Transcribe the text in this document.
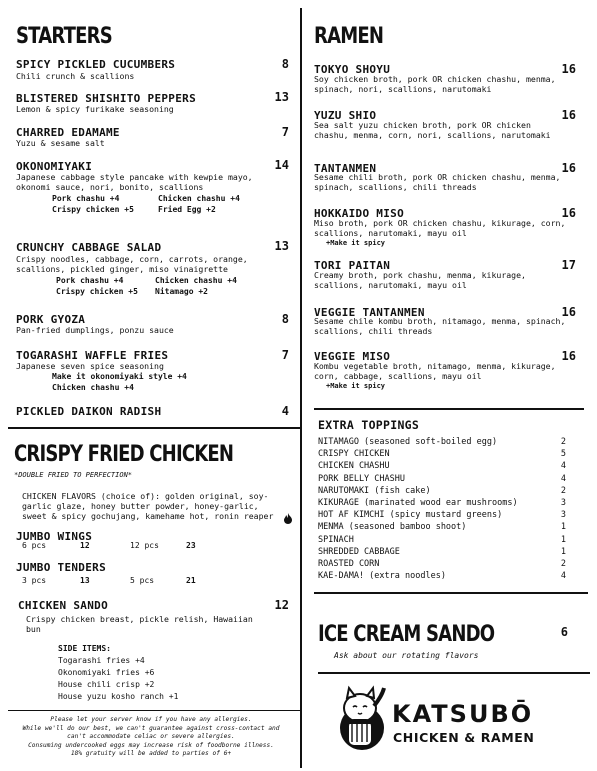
STARTERS
SPICY PICKLED CUCUMBERS	8
Chili crunch & scallions
BLISTERED SHISHITO PEPPERS	13
Lemon & spicy furikake seasoning
CHARRED EDAMAME	7
Yuzu & sesame salt
OKONOMIYAKI	14
Japanese cabbage style pancake with kewpie mayo, okonomi sauce, nori, bonito, scallions
Pork chashu +4	Chicken chashu +4
Crispy chicken +5	Fried Egg +2
CRUNCHY CABBAGE SALAD	13
Crispy noodles, cabbage, corn, carrots, orange, scallions, pickled ginger, miso vinaigrette
Pork chashu +4	Chicken chashu +4
Crispy chicken +5 Nitamago +2
PORK GYOZA	8
Pan-fried dumplings, ponzu sauce
TOGARASHI WAFFLE FRIES	7
Japanese seven spice seasoning
Make it okonomiyaki style +4
Chicken chashu +4
PICKLED DAIKON RADISH	4
CRISPY FRIED CHICKEN
*DOUBLE FRIED TO PERFECTION*
CHICKEN FLAVORS (choice of): golden original, soy-garlic glaze, honey butter powder, honey-garlic, sweet & spicy gochujang, kamehame hot, ronin reaper
JUMBO WINGS
6 pcs	12	12 pcs	23
JUMBO TENDERS
3 pcs	13	5 pcs	21
CHICKEN SANDO	12
Crispy chicken breast, pickle relish, Hawaiian bun
SIDE ITEMS:
Togarashi fries +4
Okonomiyaki fries +6
House chili crisp +2
House yuzu kosho ranch +1
Please let your server know if you have any allergies.
While we'll do our best, we can't guarantee against cross-contact and
can't accommodate celiac or severe allergies.
Consuming undercooked eggs may increase risk of foodborne illness.
18% gratuity will be added to parties of 6+
RAMEN
TOKYO SHOYU	16
Soy chicken broth, pork OR chicken chashu, menma, spinach, nori, scallions, narutomaki
YUZU SHIO	16
Sea salt yuzu chicken broth, pork OR chicken chashu, menma, corn, nori, scallions, narutomaki
TANTANMEN	16
Sesame chili broth, pork OR chicken chashu, menma, spinach, scallions, chili threads
HOKKAIDO MISO	16
Miso broth, pork OR chicken chashu, kikurage, corn, scallions, narutomaki, mayu oil
+Make it spicy
TORI PAITAN	17
Creamy broth, pork chashu, menma, kikurage, scallions, narutomaki, mayu oil
VEGGIE TANTANMEN	16
Sesame chile kombu broth, nitamago, menma, spinach, scallions, chili threads
VEGGIE MISO	16
Kombu vegetable broth, nitamago, menma, kikurage, corn, cabbage, scallions, mayu oil
+Make it spicy
EXTRA TOPPINGS
NITAMAGO (seasoned soft-boiled egg)	2
CRISPY CHICKEN	5
CHICKEN CHASHU	4
PORK BELLY CHASHU	4
NARUTOMAKI (fish cake)	2
KIKURAGE (marinated wood ear mushrooms)	3
HOT AF KIMCHI (spicy mustard greens)	3
MENMA (seasoned bamboo shoot)	1
SPINACH	1
SHREDDED CABBAGE	1
ROASTED CORN	2
KAE-DAMA! (extra noodles)	4
ICE CREAM SANDO	6
Ask about our rotating flavors
KATSUBŌ
CHICKEN & RAMEN
